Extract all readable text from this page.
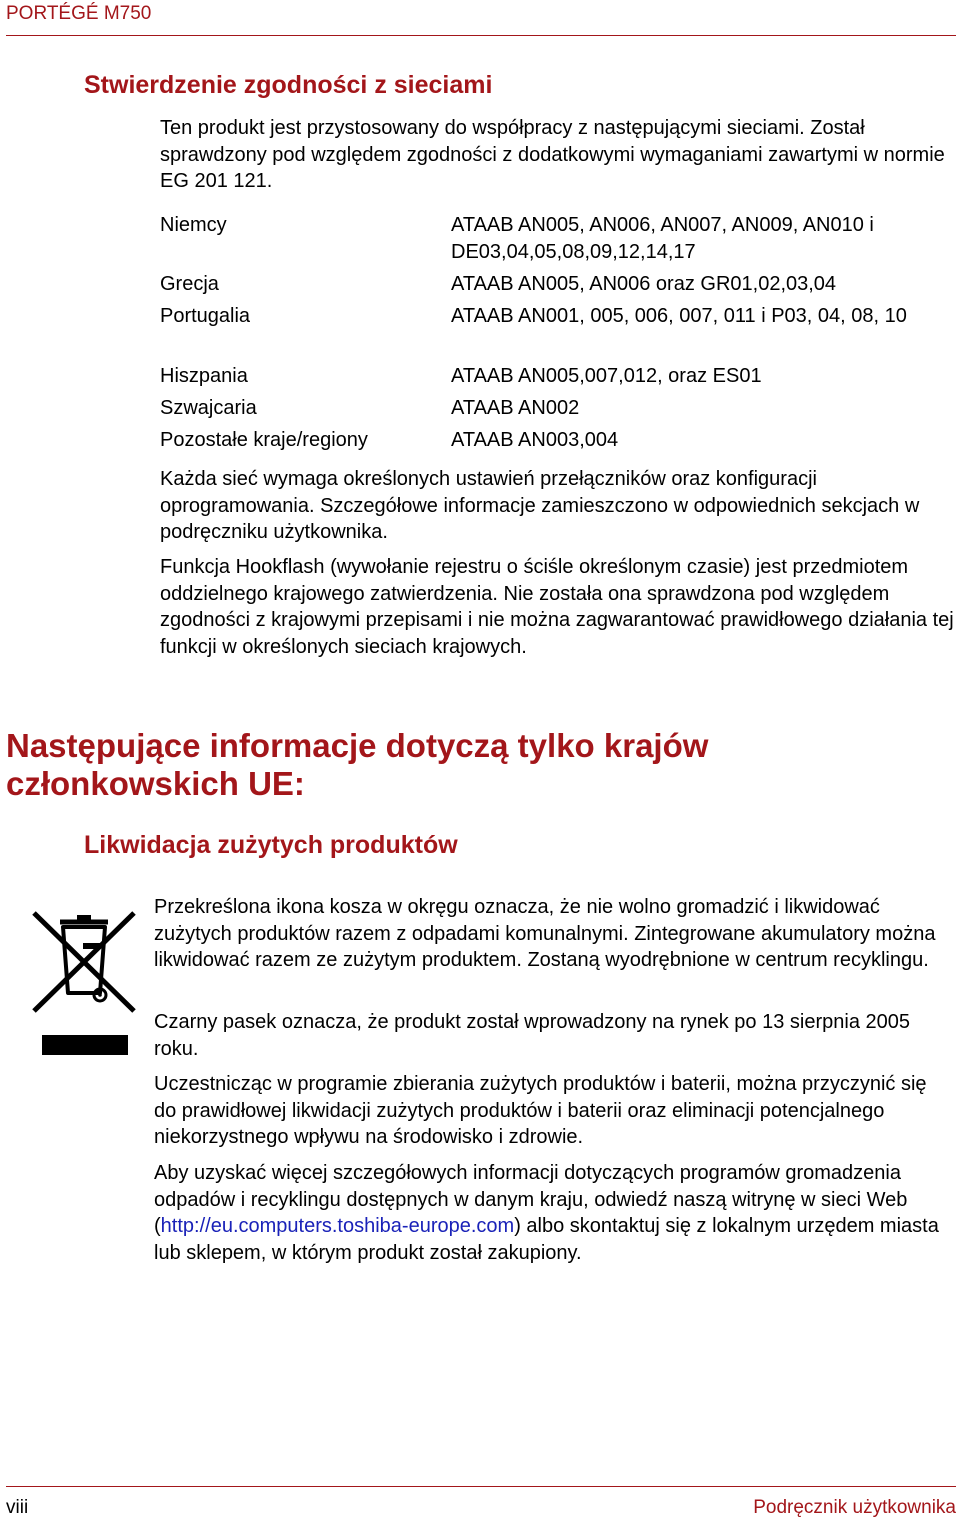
PORTÉGÉ M750
Stwierdzenie zgodności z sieciami
Ten produkt jest przystosowany do współpracy z następującymi sieciami. Został sprawdzony pod względem zgodności z dodatkowymi wymaganiami zawartymi w normie EG 201 121.
Niemcy	ATAAB AN005, AN006, AN007, AN009, AN010 i DE03,04,05,08,09,12,14,17
Grecja	ATAAB AN005, AN006 oraz GR01,02,03,04
Portugalia	ATAAB AN001, 005, 006, 007, 011 i P03, 04, 08, 10
Hiszpania	ATAAB AN005,007,012, oraz ES01
Szwajcaria	ATAAB AN002
Pozostałe kraje/regiony	ATAAB AN003,004
Każda sieć wymaga określonych ustawień przełączników oraz konfiguracji oprogramowania. Szczegółowe informacje zamieszczono w odpowiednich sekcjach w podręczniku użytkownika.
Funkcja Hookflash (wywołanie rejestru o ściśle określonym czasie) jest przedmiotem oddzielnego krajowego zatwierdzenia. Nie została ona sprawdzona pod względem zgodności z krajowymi przepisami i nie można zagwarantować prawidłowego działania tej funkcji w określonych sieciach krajowych.
Następujące informacje dotyczą tylko krajów członkowskich UE:
Likwidacja zużytych produktów
Przekreślona ikona kosza w okręgu oznacza, że nie wolno gromadzić i likwidować zużytych produktów razem z odpadami komunalnymi. Zintegrowane akumulatory można likwidować razem ze zużytym produktem. Zostaną wyodrębnione w centrum recyklingu.
Czarny pasek oznacza, że produkt został wprowadzony na rynek po 13 sierpnia 2005 roku.
Uczestnicząc w programie zbierania zużytych produktów i baterii, można przyczynić się do prawidłowej likwidacji zużytych produktów i baterii oraz eliminacji potencjalnego niekorzystnego wpływu na środowisko i zdrowie.
Aby uzyskać więcej szczegółowych informacji dotyczących programów gromadzenia odpadów i recyklingu dostępnych w danym kraju, odwiedź naszą witrynę w sieci Web (http://eu.computers.toshiba-europe.com) albo skontaktuj się z lokalnym urzędem miasta lub sklepem, w którym produkt został zakupiony.
viii	Podręcznik użytkownika
